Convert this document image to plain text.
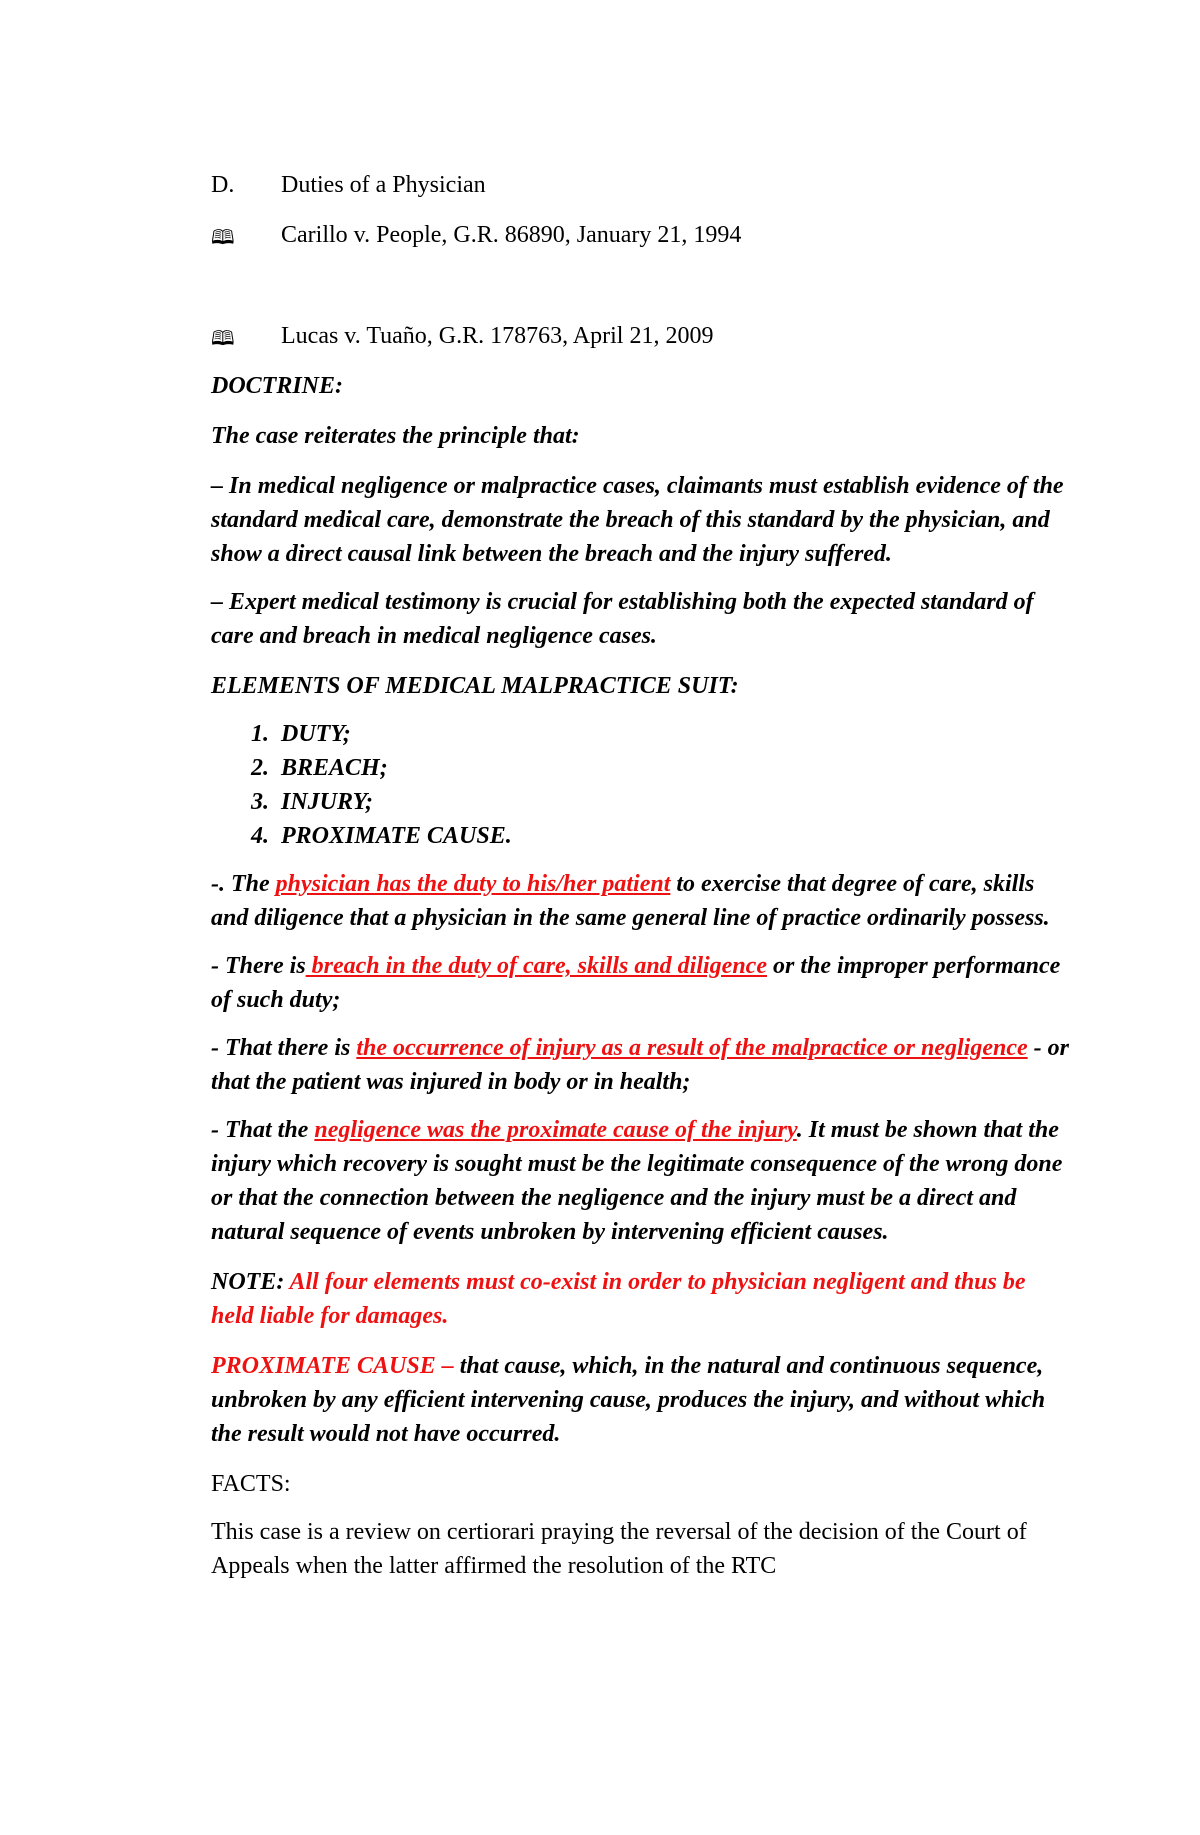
D.	Duties of a Physician

🕮	Carillo v. People, G.R. 86890, January 21, 1994

🕮	Lucas v. Tuaño, G.R. 178763, April 21, 2009

DOCTRINE:

The case reiterates the principle that:

– In medical negligence or malpractice cases, claimants must establish evidence of the standard medical care, demonstrate the breach of this standard by the physician, and show a direct causal link between the breach and the injury suffered.

– Expert medical testimony is crucial for establishing both the expected standard of care and breach in medical negligence cases.

ELEMENTS OF MEDICAL MALPRACTICE SUIT:

1. DUTY;
2. BREACH;
3. INJURY;
4. PROXIMATE CAUSE.

-. The physician has the duty to his/her patient to exercise that degree of care, skills and diligence that a physician in the same general line of practice ordinarily possess.

- There is breach in the duty of care, skills and diligence or the improper performance of such duty;

- That there is the occurrence of injury as a result of the malpractice or negligence - or that the patient was injured in body or in health;

- That the negligence was the proximate cause of the injury. It must be shown that the injury which recovery is sought must be the legitimate consequence of the wrong done or that the connection between the negligence and the injury must be a direct and natural sequence of events unbroken by intervening efficient causes.

NOTE: All four elements must co-exist in order to physician negligent and thus be held liable for damages.

PROXIMATE CAUSE – that cause, which, in the natural and continuous sequence, unbroken by any efficient intervening cause, produces the injury, and without which the result would not have occurred.

FACTS:

This case is a review on certiorari praying the reversal of the decision of the Court of Appeals when the latter affirmed the resolution of the RTC
